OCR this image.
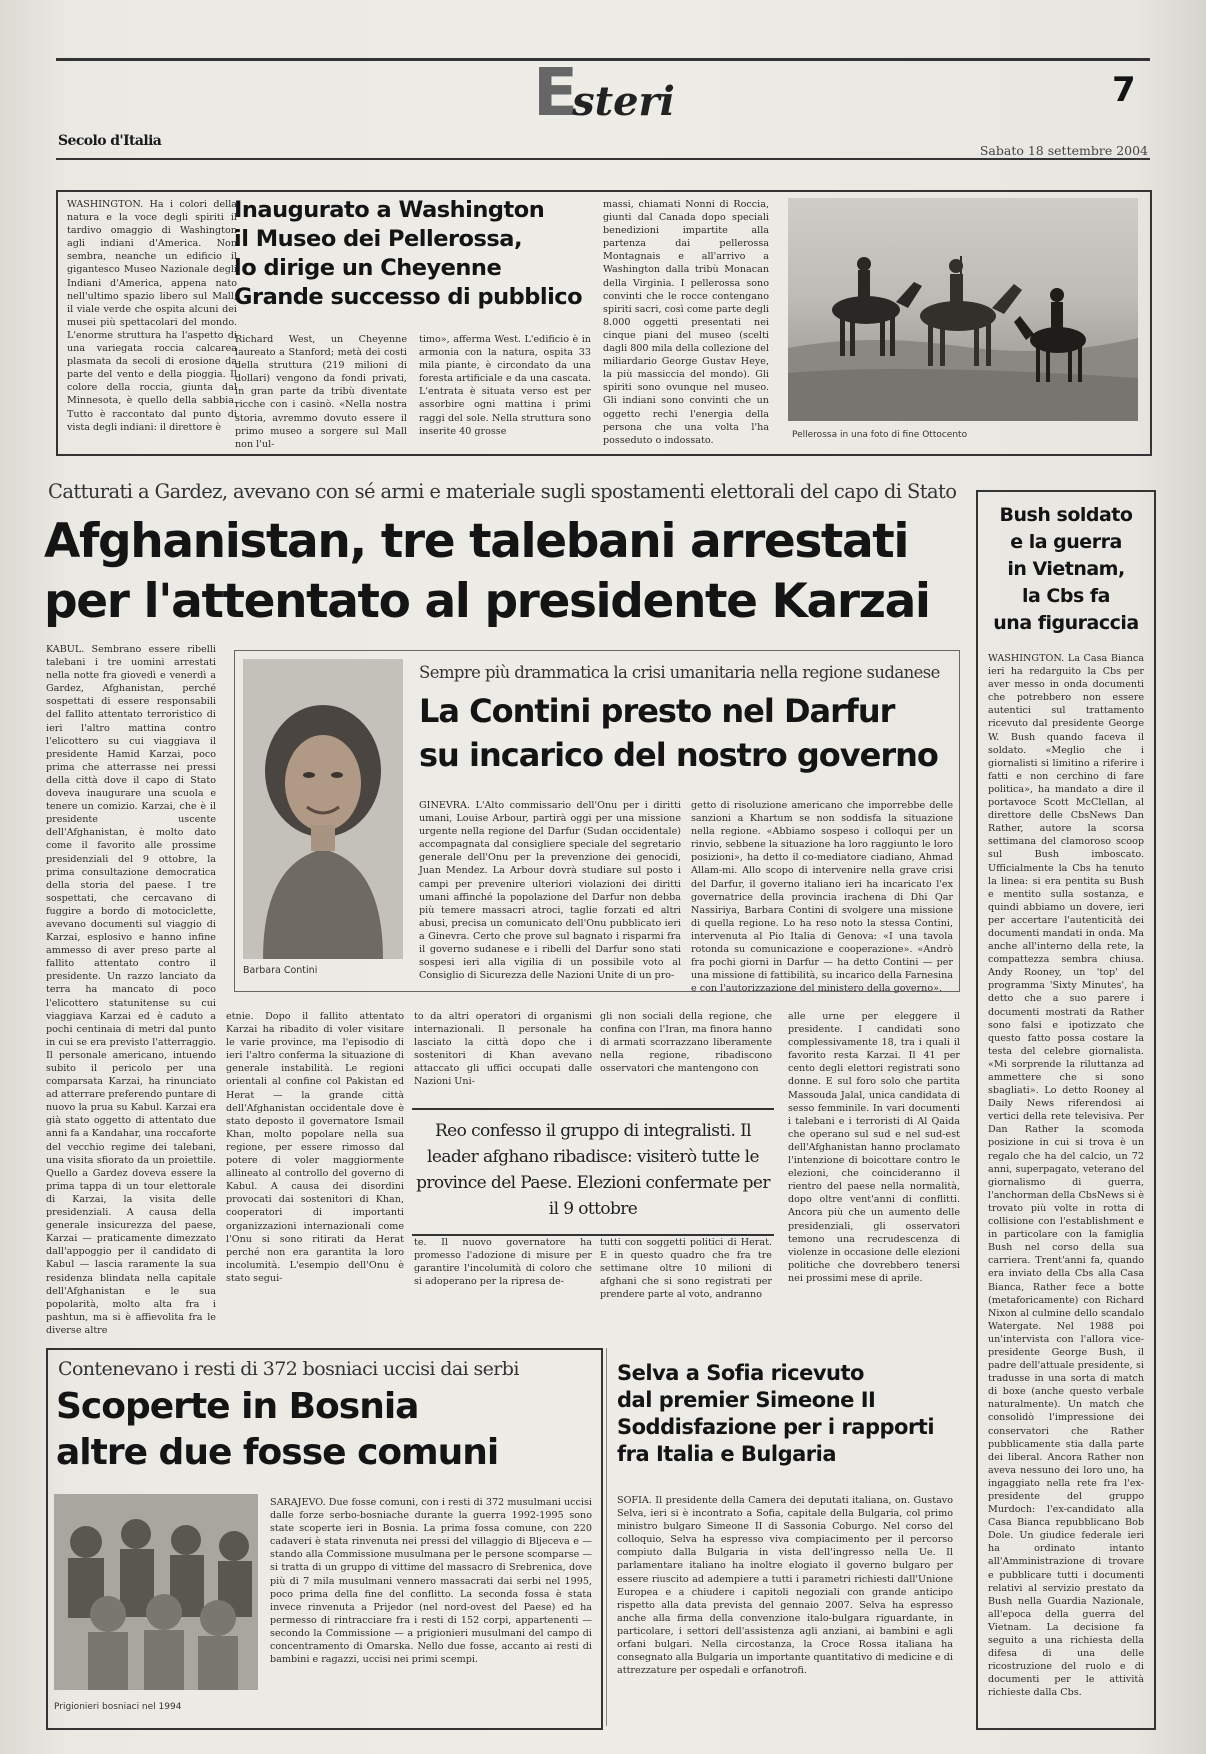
Esteri	7
Secolo d'Italia
Sabato 18 settembre 2004
WASHINGTON. Ha i colori della natura e la voce degli spiriti il tardivo omaggio di Washington agli indiani d'America. Non sembra, neanche un edificio il gigantesco Museo Nazionale degli Indiani d'America, appena nato nell'ultimo spazio libero sul Mall, il viale verde che ospita alcuni dei musei più spettacolari del mondo. L'enorme struttura ha l'aspetto di una variegata roccia calcarea plasmata da secoli di erosione da parte del vento e della pioggia. Il colore della roccia, giunta dal Minnesota, è quello della sabbia. Tutto è raccontato dal punto di vista degli indiani: il direttore è
Inaugurato a Washington
il Museo dei Pellerossa,
lo dirige un Cheyenne
Grande successo di pubblico
Richard West, un Cheyenne laureato a Stanford; metà dei costi della struttura (219 milioni di dollari) vengono da fondi privati, in gran parte da tribù diventate ricche con i casinò. «Nella nostra storia, avremmo dovuto essere il primo museo a sorgere sul Mall non l'ul-
timo», afferma West. L'edificio è in armonia con la natura, ospita 33 mila piante, è circondato da una foresta artificiale e da una cascata. L'entrata è situata verso est per assorbire ogni mattina i primi raggi del sole. Nella struttura sono inserite 40 grosse
massi, chiamati Nonni di Roccia, giunti dal Canada dopo speciali benedizioni impartite alla partenza dai pellerossa Montagnais e all'arrivo a Washington dalla tribù Monacan della Virginia. I pellerossa sono convinti che le rocce contengano spiriti sacri, così come parte degli 8.000 oggetti presentati nei cinque piani del museo (scelti dagli 800 mila della collezione del miliardario George Gustav Heye, la più massiccia del mondo). Gli spiriti sono ovunque nel museo. Gli indiani sono convinti che un oggetto rechi l'energia della persona che una volta l'ha posseduto o indossato.	Pellerossa in una foto di fine Ottocento
Catturati a Gardez, avevano con sé armi e materiale sugli spostamenti elettorali del capo di Stato
Afghanistan, tre talebani arrestati
per l'attentato al presidente Karzai
KABUL. Sembrano essere ribelli talebani i tre uomini arrestati nella notte fra giovedì e venerdì a Gardez, Afghanistan, perché sospettati di essere responsabili del fallito attentato terroristico di ieri l'altro mattina contro l'elicottero su cui viaggiava il presidente Hamid Karzai, poco prima che atterrasse nei pressi della città dove il capo di Stato doveva inaugurare una scuola e tenere un comizio. Karzai, che è il presidente uscente dell'Afghanistan, è molto dato come il favorito alle prossime presidenziali del 9 ottobre, la prima consultazione democratica della storia del paese. I tre sospettati, che cercavano di fuggire a bordo di motociclette, avevano documenti sul viaggio di Karzai, esplosivo e hanno infine ammesso di aver preso parte al fallito attentato contro il presidente. Un razzo lanciato da terra ha mancato di poco l'elicottero statunitense su cui viaggiava Karzai ed è caduto a pochi centinaia di metri dal punto in cui se era previsto l'atterraggio. Il personale americano, intuendo subito il pericolo per una comparsata Karzai, ha rinunciato ad atterrare preferendo puntare di nuovo la prua su Kabul. Karzai era già stato oggetto di attentato due anni fa a Kandahar, una roccaforte del vecchio regime dei talebani, una visita sfiorato da un proiettile. Quello a Gardez doveva essere la prima tappa di un tour elettorale di Karzai, la visita delle presidenziali. A causa della generale insicurezza del paese, Karzai — praticamente dimezzato dall'appoggio per il candidato di Kabul — lascia raramente la sua residenza blindata nella capitale dell'Afghanistan e le sua popolarità, molto alta fra i pashtun, ma si è affievolita fra le diverse altre
Barbara Contini
Sempre più drammatica la crisi umanitaria nella regione sudanese
La Contini presto nel Darfur
su incarico del nostro governo
GINEVRA. L'Alto commissario dell'Onu per i diritti umani, Louise Arbour, partirà oggi per una missione urgente nella regione del Darfur (Sudan occidentale) accompagnata dal consigliere speciale del segretario generale dell'Onu per la prevenzione dei genocidi, Juan Mendez. La Arbour dovrà studiare sul posto i campi per prevenire ulteriori violazioni dei diritti umani affinché la popolazione del Darfur non debba più temere massacri atroci, taglie forzati ed altri abusi, precisa un comunicato dell'Onu pubblicato ieri a Ginevra. Certo che prove sul bagnato i risparmi fra il governo sudanese e i ribelli del Darfur sono stati sospesi ieri alla vigilia di un possibile voto al Consiglio di Sicurezza delle Nazioni Unite di un pro-
getto di risoluzione americano che imporrebbe delle sanzioni a Khartum se non soddisfa la situazione nella regione. «Abbiamo sospeso i colloqui per un rinvio, sebbene la situazione ha loro raggiunto le loro posizioni», ha detto il co-mediatore ciadiano, Ahmad Allam-mi. Allo scopo di intervenire nella grave crisi del Darfur, il governo italiano ieri ha incaricato l'ex governatrice della provincia irachena di Dhi Qar Nassiriya, Barbara Contini di svolgere una missione di quella regione. Lo ha reso noto la stessa Contini, intervenuta al Pio Italia di Genova: «I una tavola rotonda su comunicazione e cooperazione». «Andrò fra pochi giorni in Darfur — ha detto Contini — per una missione di fattibilità, su incarico della Farnesina e con l'autorizzazione del ministero della governo».
etnie. Dopo il fallito attentato Karzai ha ribadito di voler visitare le varie province, ma l'episodio di ieri l'altro conferma la situazione di generale instabilità. Le regioni orientali al confine col Pakistan ed Herat — la grande città dell'Afghanistan occidentale dove è stato deposto il governatore Ismail Khan, molto popolare nella sua regione, per essere rimosso dal potere di voler maggiormente allineato al controllo del governo di Kabul. A causa dei disordini provocati dai sostenitori di Khan, cooperatori di importanti organizzazioni internazionali come l'Onu si sono ritirati da Herat perché non era garantita la loro incolumità. L'esempio dell'Onu è stato segui-
to da altri operatori di organismi internazionali. Il personale ha lasciato la città dopo che i sostenitori di Khan avevano attaccato gli uffici occupati dalle Nazioni Uni-
gli non sociali della regione, che confina con l'Iran, ma finora hanno di armati scorrazzano liberamente nella regione, ribadiscono osservatori che mantengono con
alle urne per eleggere il presidente. I candidati sono complessivamente 18, tra i quali il favorito resta Karzai. Il 41 per cento degli elettori registrati sono donne. E sul foro solo che partita Massouda Jalal, unica candidata di sesso femminile. In vari documenti i talebani e i terroristi di Al Qaida che operano sul sud e nel sud-est dell'Afghanistan hanno proclamato l'intenzione di boicottare contro le elezioni, che coincideranno il rientro del paese nella normalità, dopo oltre vent'anni di conflitti. Ancora più che un aumento delle presidenziali, gli osservatori temono una recrudescenza di violenze in occasione delle elezioni politiche che dovrebbero tenersi nei prossimi mese di aprile.
Reo confesso il gruppo di integralisti. Il leader afghano ribadisce: visiterò tutte le province del Paese. Elezioni confermate per il 9 ottobre
te. Il nuovo governatore ha promesso l'adozione di misure per garantire l'incolumità di coloro che si adoperano per la ripresa de-
tutti con soggetti politici di Herat. E in questo quadro che fra tre settimane oltre 10 milioni di afghani che si sono registrati per prendere parte al voto, andranno
Bush soldato
e la guerra
in Vietnam,
la Cbs fa
una figuraccia
WASHINGTON. La Casa Bianca ieri ha redarguito la Cbs per aver messo in onda documenti che potrebbero non essere autentici sul trattamento ricevuto dal presidente George W. Bush quando faceva il soldato. «Meglio che i giornalisti si limitino a riferire i fatti e non cerchino di fare politica», ha mandato a dire il portavoce Scott McClellan, al direttore delle CbsNews Dan Rather, autore la scorsa settimana del clamoroso scoop sul Bush imboscato. Ufficialmente la Cbs ha tenuto la linea: si era pentita su Bush e mentito sulla sostanza, e quindi abbiamo un dovere, ieri per accertare l'autenticità dei documenti mandati in onda. Ma anche all'interno della rete, la compattezza sembra chiusa. Andy Rooney, un 'top' del programma 'Sixty Minutes', ha detto che a suo parere i documenti mostrati da Rather sono falsi e ipotizzato che questo fatto possa costare la testa del celebre giornalista. «Mi sorprende la riluttanza ad ammettere che si sono sbagliati». Lo detto Rooney al Daily News riferendosi ai vertici della rete televisiva. Per Dan Rather la scomoda posizione in cui si trova è un regalo che ha del calcio, un 72 anni, superpagato, veterano del giornalismo di guerra, l'anchorman della CbsNews si è trovato più volte in rotta di collisione con l'establishment e in particolare con la famiglia Bush nel corso della sua carriera. Trent'anni fa, quando era inviato della Cbs alla Casa Bianca, Rather fece a botte (metaforicamente) con Richard Nixon al culmine dello scandalo Watergate. Nel 1988 poi un'intervista con l'allora vice-presidente George Bush, il padre dell'attuale presidente, si tradusse in una sorta di match di boxe (anche questo verbale naturalmente). Un match che consolidò l'impressione dei conservatori che Rather pubblicamente stia dalla parte dei liberal. Ancora Rather non aveva nessuno dei loro uno, ha ingaggiato nella rete fra l'ex-presidente del gruppo Murdoch: l'ex-candidato alla Casa Bianca repubblicano Bob Dole. Un giudice federale ieri ha ordinato intanto all'Amministrazione di trovare e pubblicare tutti i documenti relativi al servizio prestato da Bush nella Guardia Nazionale, all'epoca della guerra del Vietnam. La decisione fa seguito a una richiesta della difesa di una delle ricostruzione del ruolo e di documenti per le attività richieste dalla Cbs.
Contenevano i resti di 372 bosniaci uccisi dai serbi
Scoperte in Bosnia
altre due fosse comuni
Prigionieri bosniaci nel 1994
SARAJEVO. Due fosse comuni, con i resti di 372 musulmani uccisi dalle forze serbo-bosniache durante la guerra 1992-1995 sono state scoperte ieri in Bosnia. La prima fossa comune, con 220 cadaveri è stata rinvenuta nei pressi del villaggio di Bljeceva e — stando alla Commissione musulmana per le persone scomparse — si tratta di un gruppo di vittime del massacro di Srebrenica, dove più di 7 mila musulmani vennero massacrati dai serbi nel 1995, poco prima della fine del conflitto. La seconda fossa è stata invece rinvenuta a Prijedor (nel nord-ovest del Paese) ed ha permesso di rintracciare fra i resti di 152 corpi, appartenenti — secondo la Commissione — a prigionieri musulmani del campo di concentramento di Omarska. Nello due fosse, accanto ai resti di bambini e ragazzi, uccisi nei primi scempi.
Selva a Sofia ricevuto
dal premier Simeone II
Soddisfazione per i rapporti
fra Italia e Bulgaria
SOFIA. Il presidente della Camera dei deputati italiana, on. Gustavo Selva, ieri si è incontrato a Sofia, capitale della Bulgaria, col primo ministro bulgaro Simeone II di Sassonia Coburgo. Nel corso del colloquio, Selva ha espresso viva compiacimento per il percorso compiuto dalla Bulgaria in vista dell'ingresso nella Ue. Il parlamentare italiano ha inoltre elogiato il governo bulgaro per essere riuscito ad adempiere a tutti i parametri richiesti dall'Unione Europea e a chiudere i capitoli negoziali con grande anticipo rispetto alla data prevista del gennaio 2007. Selva ha espresso anche alla firma della convenzione italo-bulgara riguardante, in particolare, i settori dell'assistenza agli anziani, ai bambini e agli orfani bulgari. Nella circostanza, la Croce Rossa italiana ha consegnato alla Bulgaria un importante quantitativo di medicine e di attrezzature per ospedali e orfanotrofi.
